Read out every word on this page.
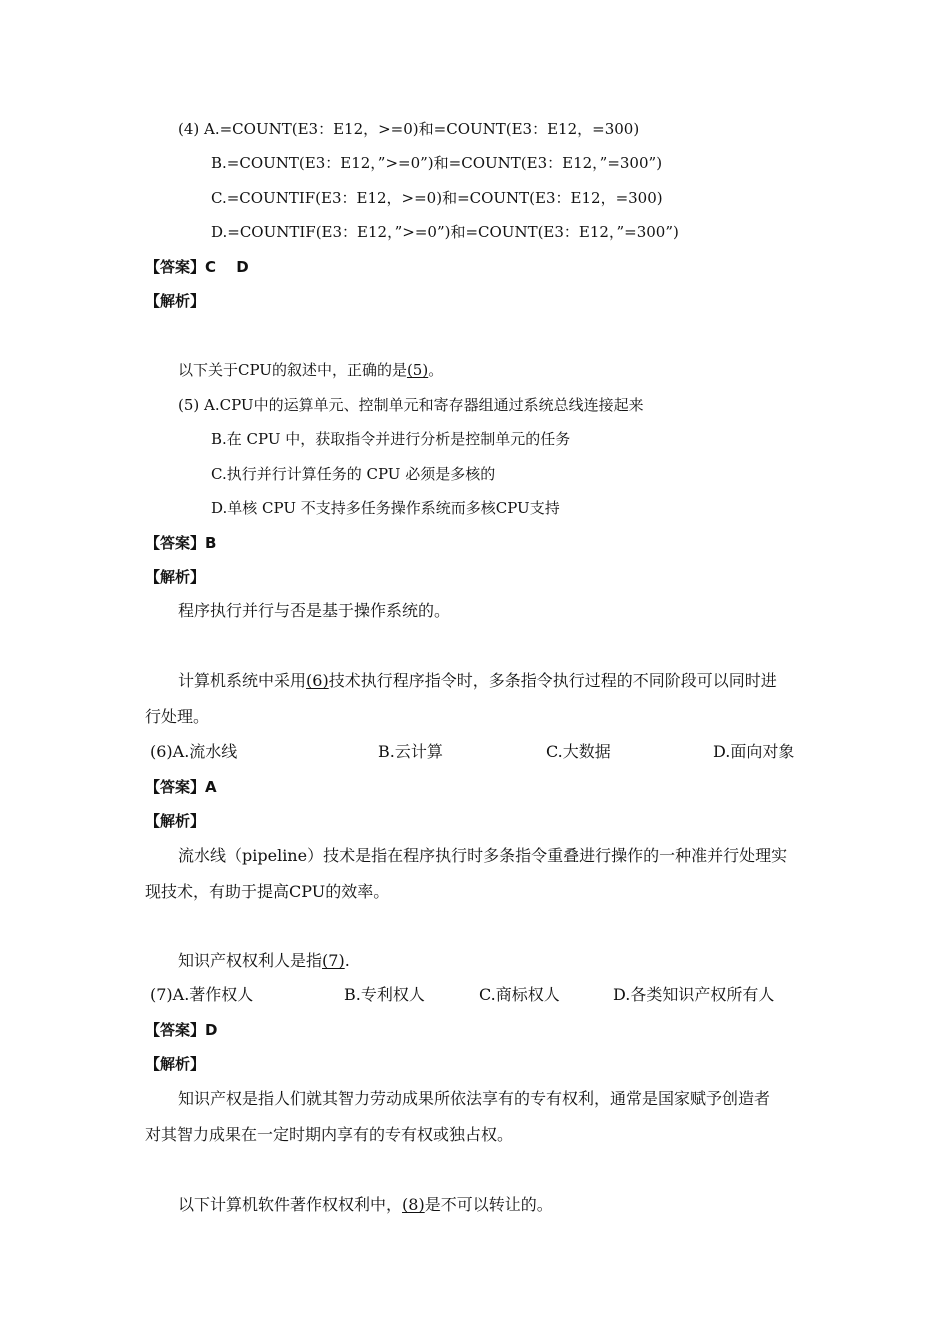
(4) A.=COUNT(E3：E12，>=0)和=COUNT(E3：E12，=300)
B.=COUNT(E3：E12，”>=0”)和=COUNT(E3：E12，”=300”)
C.=COUNTIF(E3：E12，>=0)和=COUNT(E3：E12，=300)
D.=COUNTIF(E3：E12，”>=0”)和=COUNT(E3：E12，”=300”)
【答案】C　 D
【解析】
以下关于CPU的叙述中，正确的是(5)。
(5) A.CPU中的运算单元、控制单元和寄存器组通过系统总线连接起来
B.在 CPU 中，获取指令并进行分析是控制单元的任务
C.执行并行计算任务的 CPU 必须是多核的
D.单核 CPU 不支持多任务操作系统而多核CPU支持
【答案】B
【解析】
程序执行并行与否是基于操作系统的。
计算机系统中采用(6)技术执行程序指令时，多条指令执行过程的不同阶段可以同时进
行处理。
(6)A.流水线	B.云计算	C.大数据	D.面向对象
【答案】A
【解析】
流水线（pipeline）技术是指在程序执行时多条指令重叠进行操作的一种准并行处理实
现技术，有助于提高CPU的效率。
知识产权权利人是指(7).
(7)A.著作权人	B.专利权人	C.商标权人	D.各类知识产权所有人
【答案】D
【解析】
知识产权是指人们就其智力劳动成果所依法享有的专有权利，通常是国家赋予创造者
对其智力成果在一定时期内享有的专有权或独占权。
以下计算机软件著作权权利中，(8)是不可以转让的。
